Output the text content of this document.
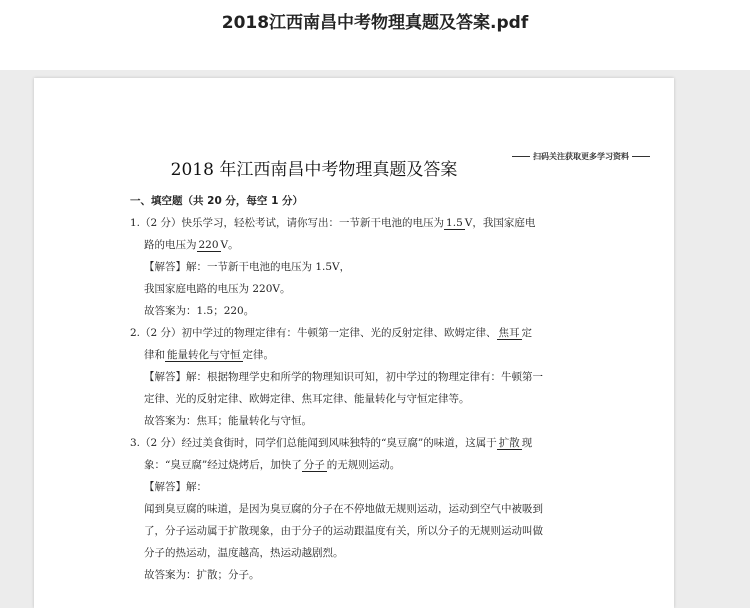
2018江西南昌中考物理真题及答案.pdf
2018 年江西南昌中考物理真题及答案
扫码关注获取更多学习资料
一、填空题（共 20 分，每空 1 分）
1.（2 分）快乐学习，轻松考试，请你写出：一节新干电池的电压为 1.5 V，我国家庭电
路的电压为 220 V。
【解答】解：一节新干电池的电压为 1.5V，
我国家庭电路的电压为 220V。
故答案为：1.5；220。
2.（2 分）初中学过的物理定律有：牛顿第一定律、光的反射定律、欧姆定律、 焦耳 定
律和 能量转化与守恒 定律。
【解答】解：根据物理学史和所学的物理知识可知，初中学过的物理定律有：牛顿第一
定律、光的反射定律、欧姆定律、焦耳定律、能量转化与守恒定律等。
故答案为：焦耳；能量转化与守恒。
3.（2 分）经过美食街时，同学们总能闻到风味独特的“臭豆腐”的味道，这属于 扩散 现
象：“臭豆腐”经过烧烤后，加快了 分子 的无规则运动。
【解答】解：
闻到臭豆腐的味道，是因为臭豆腐的分子在不停地做无规则运动，运动到空气中被吸到
了，分子运动属于扩散现象，由于分子的运动跟温度有关，所以分子的无规则运动叫做
分子的热运动，温度越高，热运动越剧烈。
故答案为：扩散；分子。
